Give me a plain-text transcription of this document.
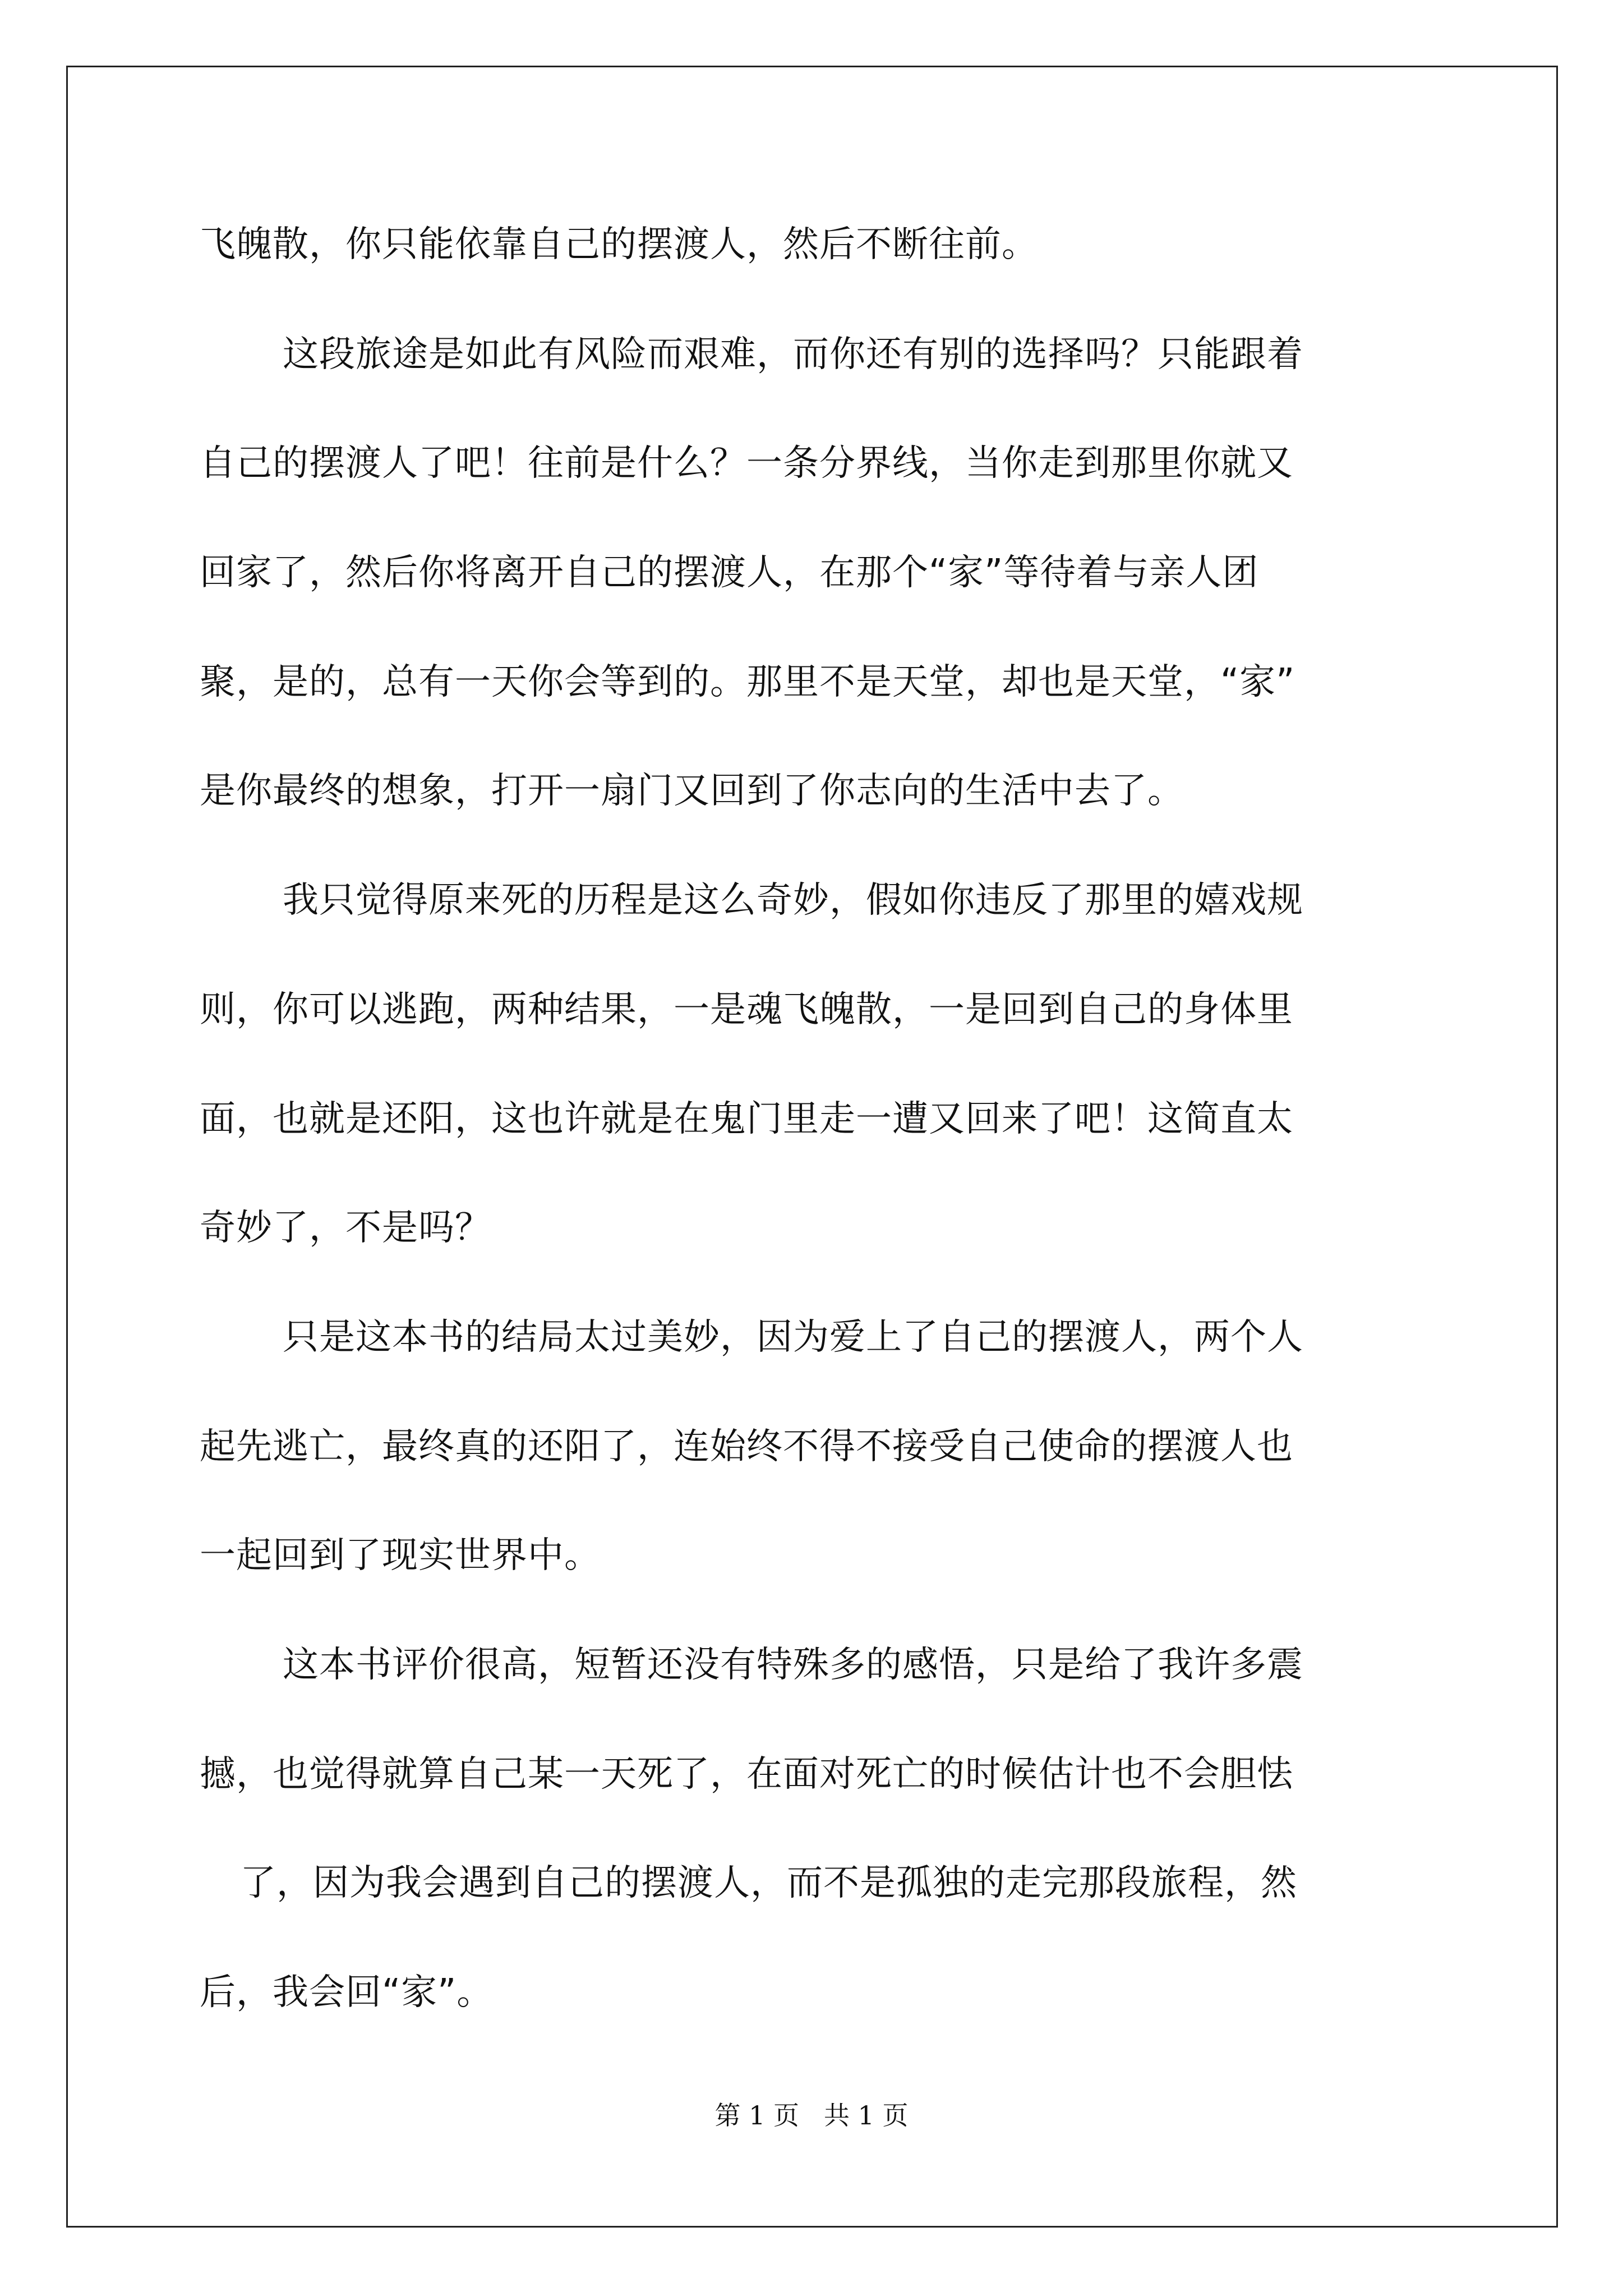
飞魄散，你只能依靠自己的摆渡人，然后不断往前。
这段旅途是如此有风险而艰难，而你还有别的选择吗？只能跟着
自己的摆渡人了吧！往前是什么？一条分界线，当你走到那里你就又
回家了，然后你将离开自己的摆渡人，在那个“家”等待着与亲人团
聚，是的，总有一天你会等到的。那里不是天堂，却也是天堂，“家”
是你最终的想象，打开一扇门又回到了你志向的生活中去了。
我只觉得原来死的历程是这么奇妙，假如你违反了那里的嬉戏规
则，你可以逃跑，两种结果，一是魂飞魄散，一是回到自己的身体里
面，也就是还阳，这也许就是在鬼门里走一遭又回来了吧！这简直太
奇妙了，不是吗？
只是这本书的结局太过美妙，因为爱上了自己的摆渡人，两个人
起先逃亡，最终真的还阳了，连始终不得不接受自己使命的摆渡人也
一起回到了现实世界中。
这本书评价很高，短暂还没有特殊多的感悟，只是给了我许多震
撼，也觉得就算自己某一天死了，在面对死亡的时候估计也不会胆怯
了，因为我会遇到自己的摆渡人，而不是孤独的走完那段旅程，然
后，我会回“家”。
第 1 页 共 1 页
